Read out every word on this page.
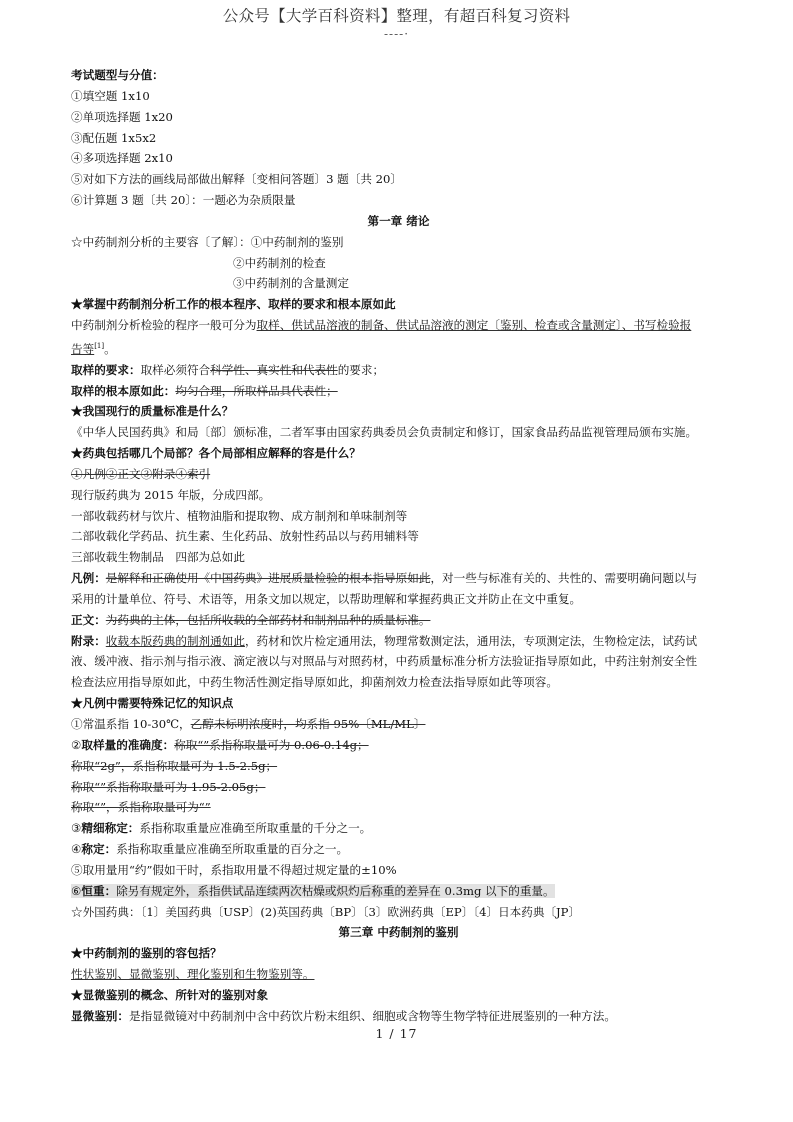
公众号【大学百科资料】整理，有超百科复习资料
----·
考试题型与分值：
①填空题 1x10
②单项选择题 1x20
③配伍题 1x5x2
④多项选择题 2x10
⑤对如下方法的画线局部做出解释〔变相问答题〕3 题〔共 20〕
⑥计算题 3 题〔共 20〕：一题必为杂质限量
第一章 绪论
☆中药制剂分析的主要容〔了解〕：①中药制剂的鉴别
②中药制剂的检查
③中药制剂的含量测定
★掌握中药制剂分析工作的根本程序、取样的要求和根本原如此
中药制剂分析检验的程序一般可分为取样、供试品溶液的制备、供试品溶液的测定〔鉴别、检查或含量测定〕、书写检验报
告等[1]。
取样的要求：取样必须符合科学性、真实性和代表性的要求；
取样的根本原如此：均匀合理，所取样品具代表性；
★我国现行的质量标准是什么？
《中华人民国药典》和局〔部〕颁标准，二者军事由国家药典委员会负责制定和修订，国家食品药品监视管理局颁布实施。
★药典包括哪几个局部？各个局部相应解释的容是什么？
①凡例②正文③附录④索引
现行版药典为 2015 年版，分成四部。
一部收载药材与饮片、植物油脂和提取物、成方制剂和单味制剂等
二部收载化学药品、抗生素、生化药品、放射性药品以与药用辅料等
三部收载生物制品　四部为总如此
凡例：是解释和正确使用《中国药典》进展质量检验的根本指导原如此，对一些与标准有关的、共性的、需要明确问题以与
采用的计量单位、符号、术语等，用条文加以规定，以帮助理解和掌握药典正文并防止在文中重复。
正文：为药典的主体，包括所收载的全部药材和制剂品种的质量标准。
附录：收载本版药典的制剂通如此，药材和饮片检定通用法，物理常数测定法，通用法，专项测定法，生物检定法，试药试
液、缓冲液、指示剂与指示液、滴定液以与对照品与对照药材，中药质量标准分析方法验证指导原如此，中药注射剂安全性
检查法应用指导原如此，中药生物活性测定指导原如此，抑菌剂效力检查法指导原如此等项容。
★凡例中需要特殊记忆的知识点
①常温系指 10-30℃，乙醇未标明浓度时，均系指 95%〔ML/ML〕
②取样量的准确度：称取“”系指称取量可为 0.06-0.14g；
称取“2g”，系指称取量可为 1.5-2.5g；
称取“”系指称取量可为 1.95-2.05g；
称取“”，系指称取量可为“”
③精细称定：系指称取重量应准确至所取重量的千分之一。
④称定：系指称取重量应准确至所取重量的百分之一。
⑤取用量用“约”假如干时，系指取用量不得超过规定量的±10%
⑥恒重：除另有规定外，系指供试品连续两次枯燥或炽灼后称重的差异在 0.3mg 以下的重量。
☆外国药典：〔1〕美国药典〔USP〕(2)英国药典〔BP〕〔3〕欧洲药典〔EP〕〔4〕日本药典〔JP〕
第三章 中药制剂的鉴别
★中药制剂的鉴别的容包括？
性状鉴别、显微鉴别、理化鉴别和生物鉴别等。
★显微鉴别的概念、所针对的鉴别对象
显微鉴别：是指显微镜对中药制剂中含中药饮片粉末组织、细胞或含物等生物学特征进展鉴别的一种方法。
1 / 17
